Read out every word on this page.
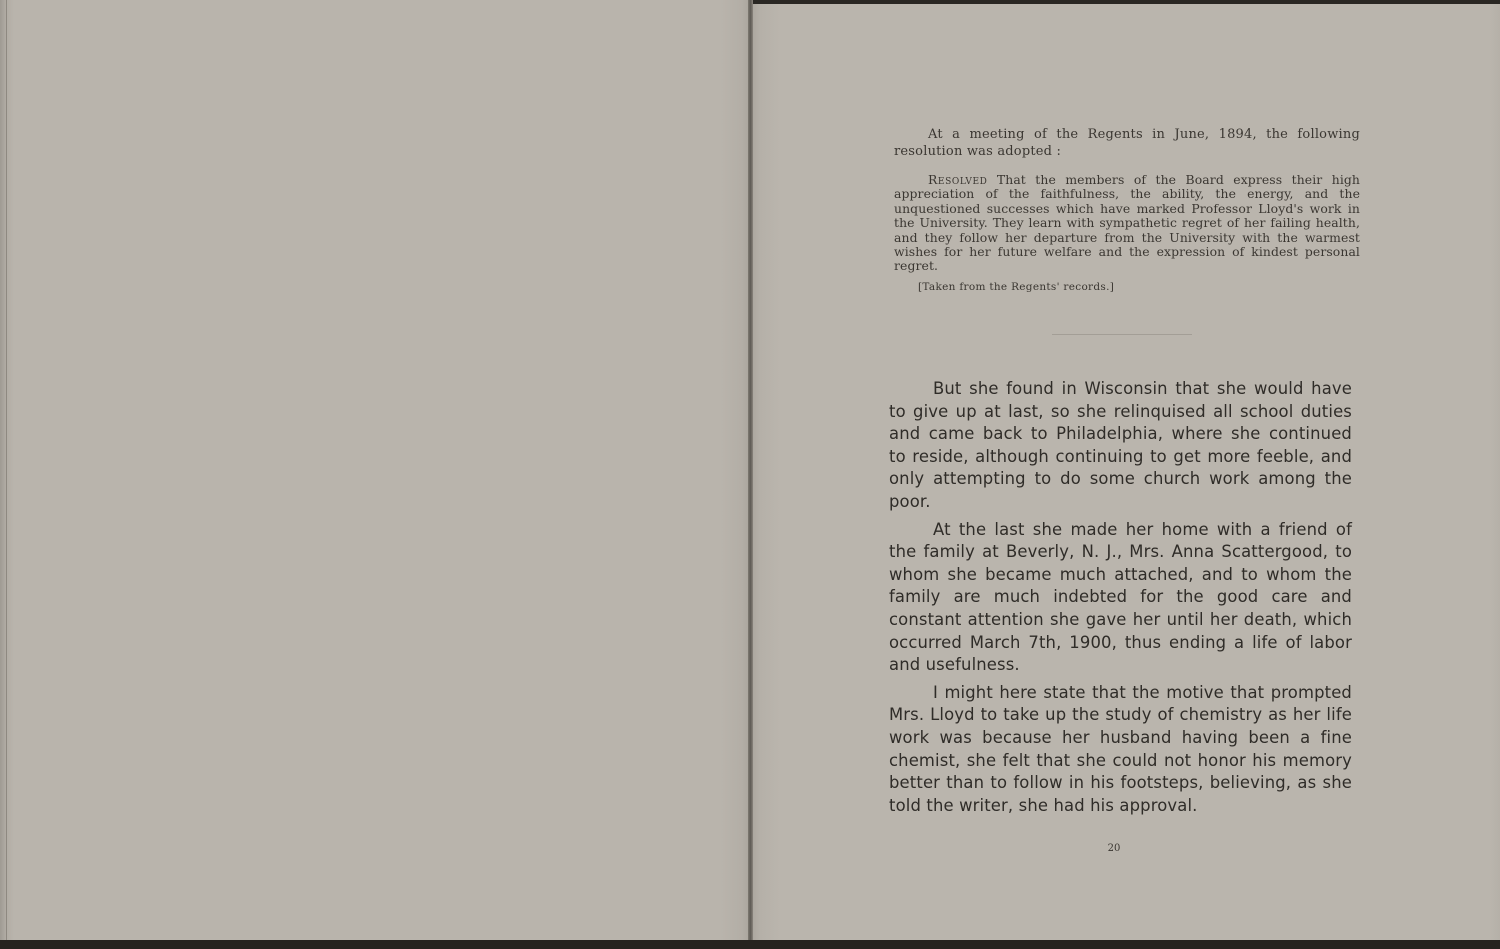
At a meeting of the Regents in June, 1894, the following resolution was adopted :

Resolved That the members of the Board express their high appreciation of the faithfulness, the ability, the energy, and the unquestioned successes which have marked Professor Lloyd's work in the University. They learn with sympathetic regret of her failing health, and they follow her departure from the University with the warmest wishes for her future welfare and the expression of kindest personal regret.

[Taken from the Regents' records.]

But she found in Wisconsin that she would have to give up at last, so she relinquised all school duties and came back to Philadelphia, where she continued to reside, although continuing to get more feeble, and only attempting to do some church work among the poor.

At the last she made her home with a friend of the family at Beverly, N. J., Mrs. Anna Scattergood, to whom she became much attached, and to whom the family are much indebted for the good care and constant attention she gave her until her death, which occurred March 7th, 1900, thus ending a life of labor and usefulness.

I might here state that the motive that prompted Mrs. Lloyd to take up the study of chemistry as her life work was because her husband having been a fine chemist, she felt that she could not honor his memory better than to follow in his footsteps, believing, as she told the writer, she had his approval.

20
